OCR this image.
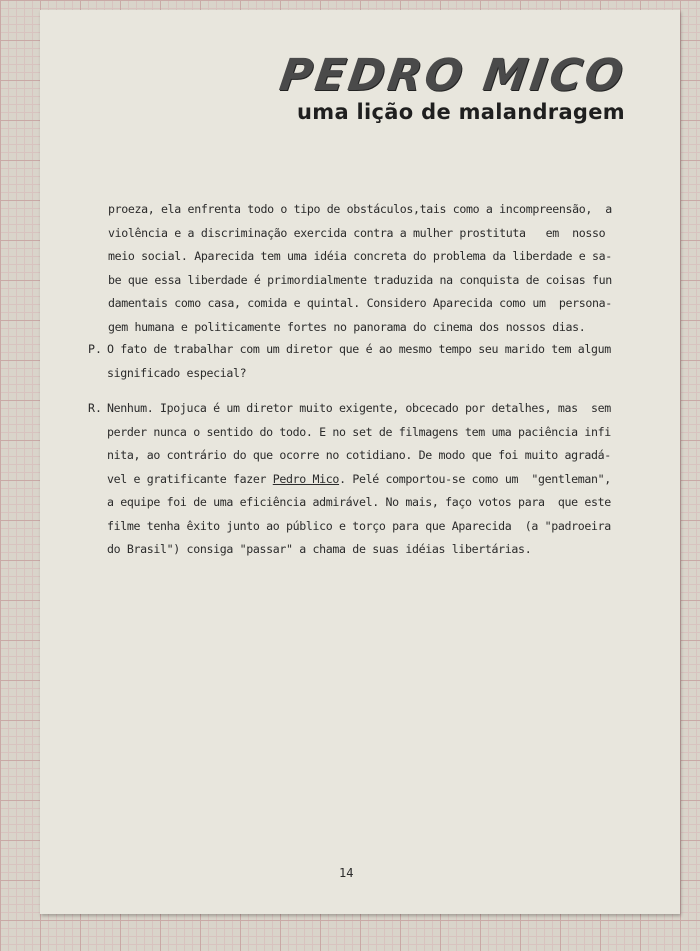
PEDRO MICO
uma lição de malandragem
proeza, ela enfrenta todo o tipo de obstáculos,tais como a incompreensão,  a
violência e a discriminação exercida contra a mulher prostituta   em  nosso
meio social. Aparecida tem uma idéia concreta do problema da liberdade e sa-
be que essa liberdade é primordialmente traduzida na conquista de coisas fun
damentais como casa, comida e quintal. Considero Aparecida como um  persona-
gem humana e politicamente fortes no panorama do cinema dos nossos dias.
P. O fato de trabalhar com um diretor que é ao mesmo tempo seu marido tem algum
significado especial?
R. Nenhum. Ipojuca é um diretor muito exigente, obcecado por detalhes, mas  sem
perder nunca o sentido do todo. E no set de filmagens tem uma paciência infi
nita, ao contrário do que ocorre no cotidiano. De modo que foi muito agradá-
vel e gratificante fazer Pedro Mico. Pelé comportou-se como um  "gentleman",
a equipe foi de uma eficiência admirável. No mais, faço votos para  que este
filme tenha êxito junto ao público e torço para que Aparecida  (a "padroeira
do Brasil") consiga "passar" a chama de suas idéias libertárias.
14
